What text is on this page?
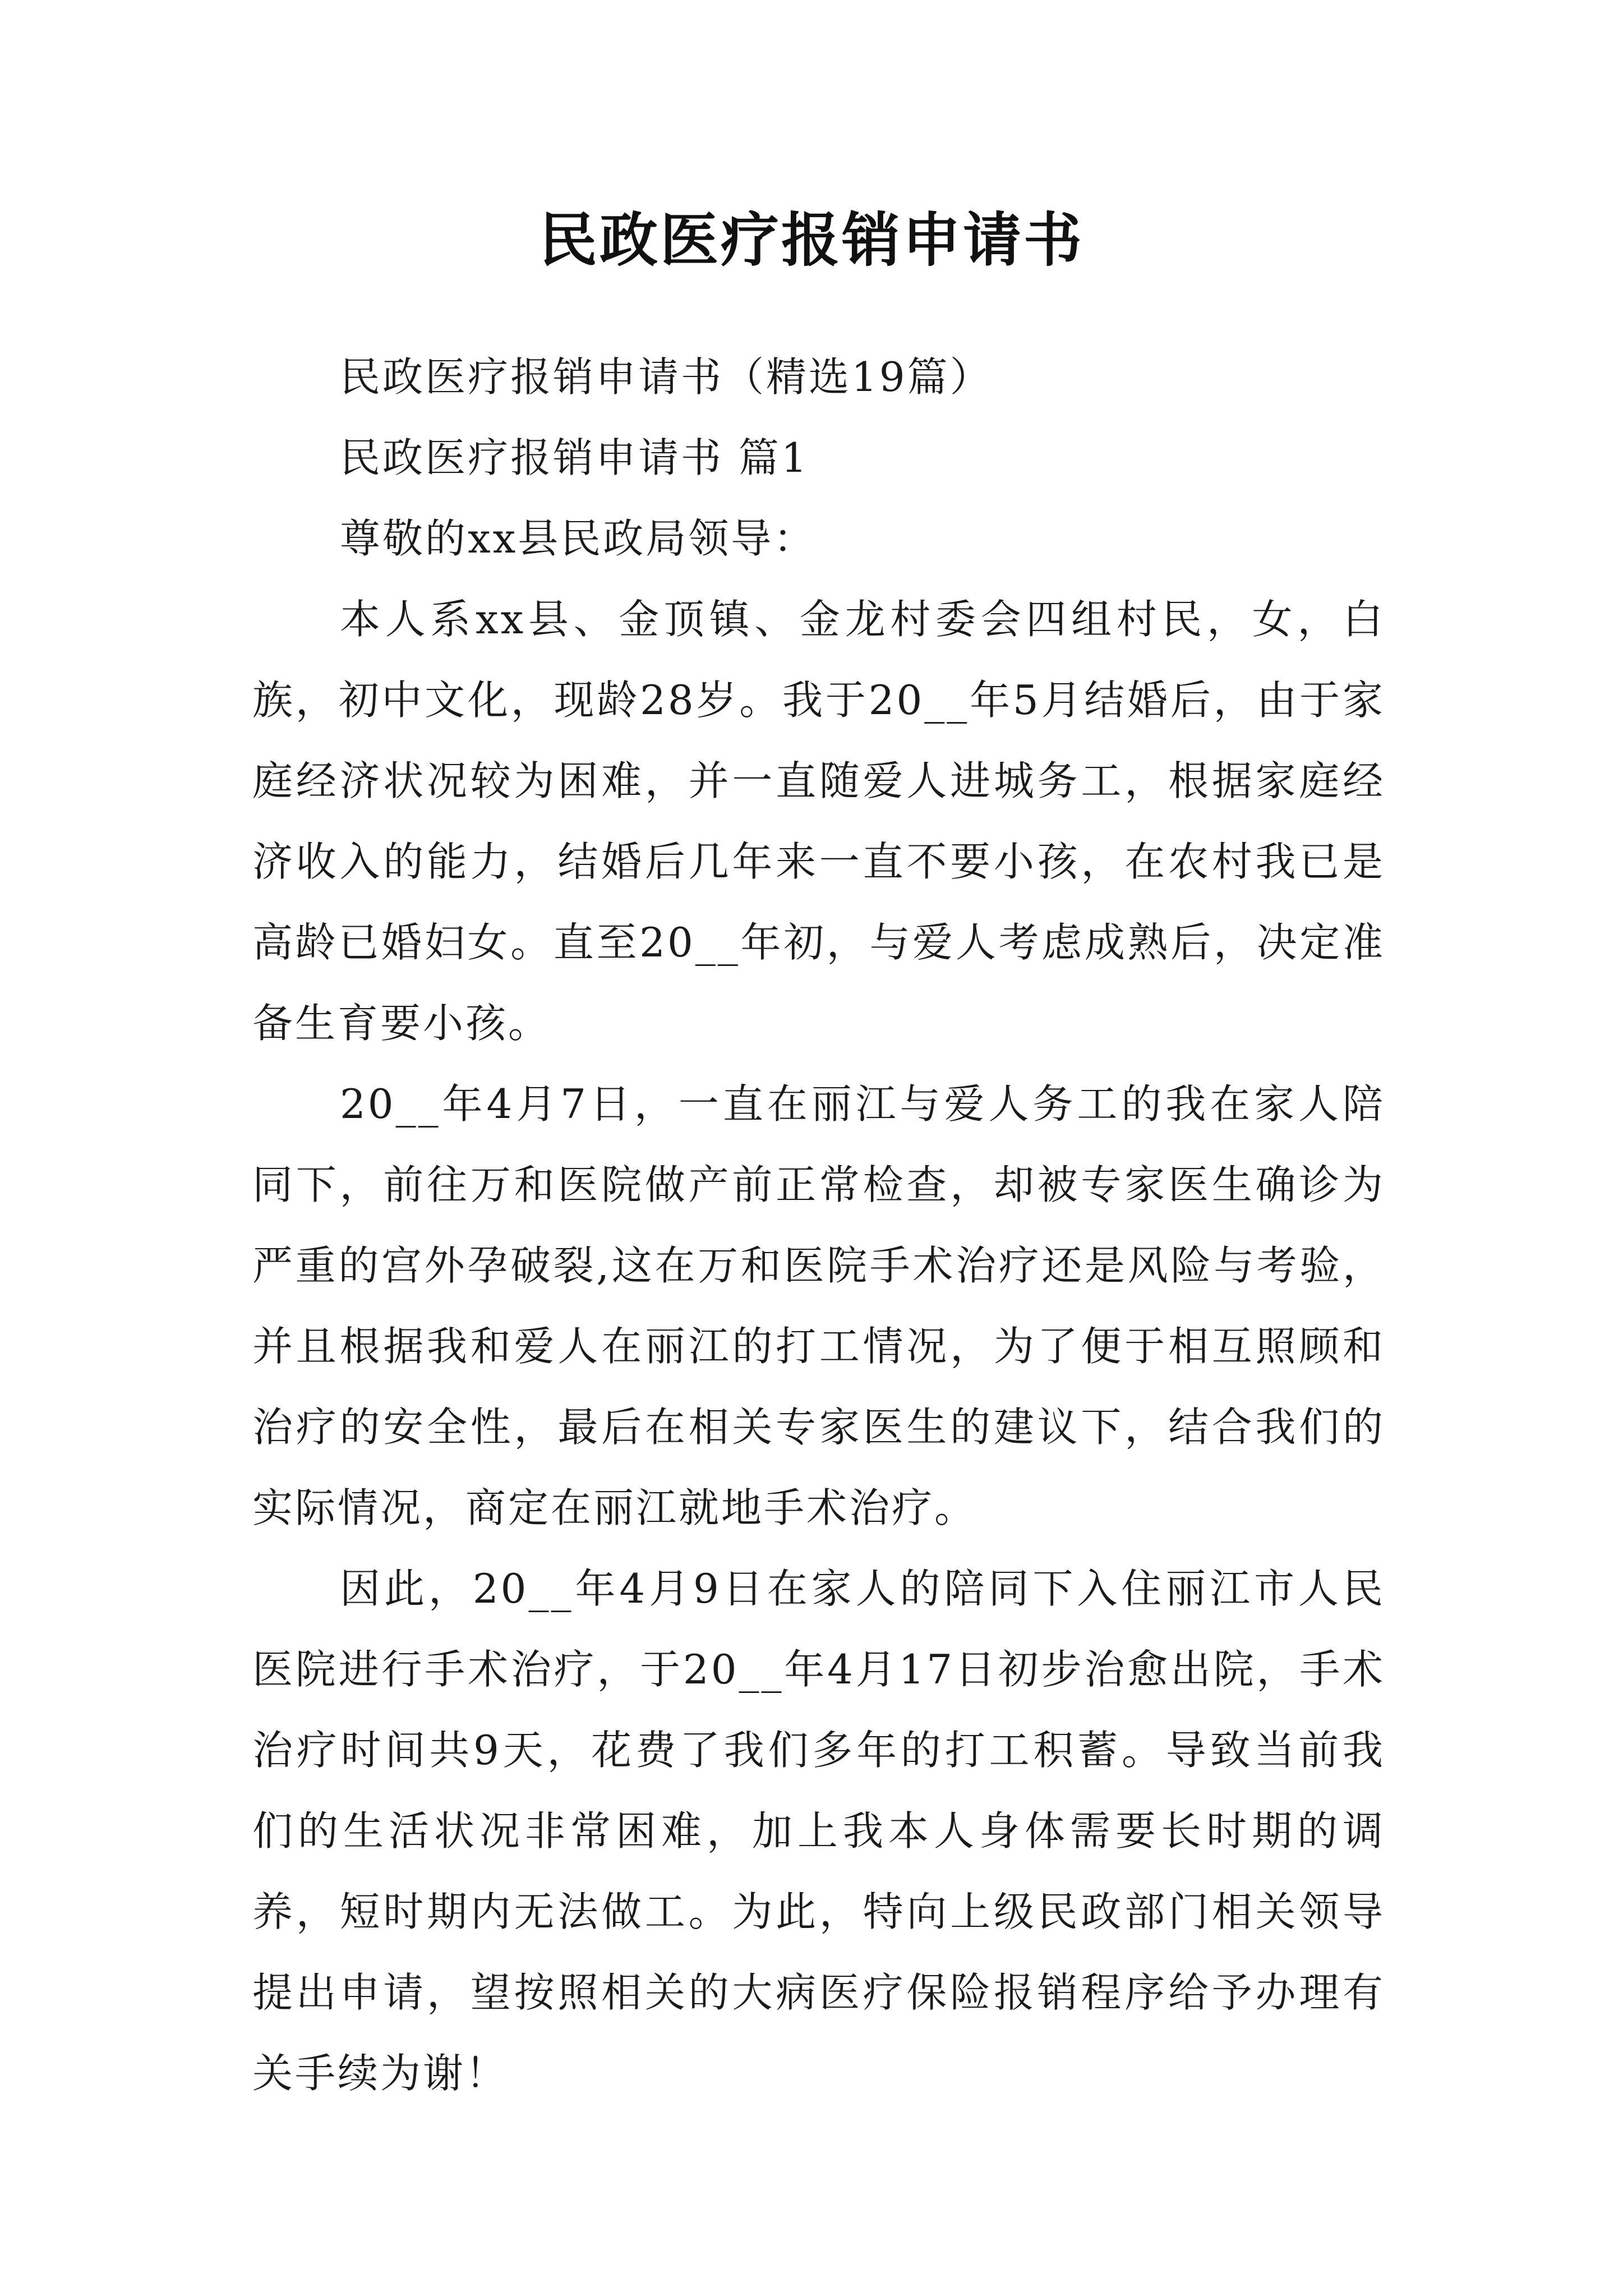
民政医疗报销申请书

民政医疗报销申请书（精选19篇）

民政医疗报销申请书 篇1

尊敬的xx县民政局领导：

本人系xx县、金顶镇、金龙村委会四组村民，女，白族，初中文化，现龄28岁。我于20__年5月结婚后，由于家庭经济状况较为困难，并一直随爱人进城务工，根据家庭经济收入的能力，结婚后几年来一直不要小孩，在农村我已是高龄已婚妇女。直至20__年初，与爱人考虑成熟后，决定准备生育要小孩。

20__年4月7日，一直在丽江与爱人务工的我在家人陪同下，前往万和医院做产前正常检查，却被专家医生确诊为严重的宫外孕破裂,这在万和医院手术治疗还是风险与考验，并且根据我和爱人在丽江的打工情况，为了便于相互照顾和治疗的安全性，最后在相关专家医生的建议下，结合我们的实际情况，商定在丽江就地手术治疗。

因此，20__年4月9日在家人的陪同下入住丽江市人民医院进行手术治疗，于20__年4月17日初步治愈出院，手术治疗时间共9天，花费了我们多年的打工积蓄。导致当前我们的生活状况非常困难，加上我本人身体需要长时期的调养，短时期内无法做工。为此，特向上级民政部门相关领导提出申请，望按照相关的大病医疗保险报销程序给予办理有关手续为谢！
